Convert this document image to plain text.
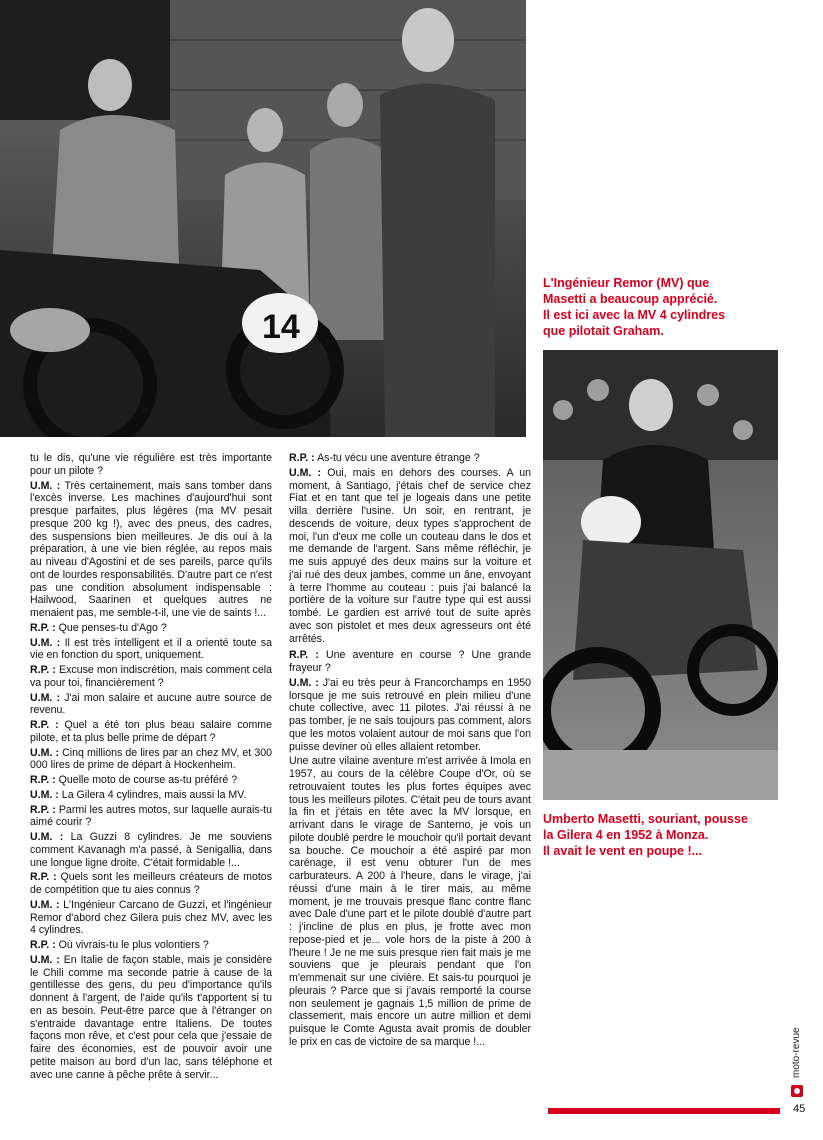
14
L'Ingénieur Remor (MV) que
Masetti a beaucoup apprécié.
Il est ici avec la MV 4 cylindres
que pilotait Graham.
Umberto Masetti, souriant, pousse
la Gilera 4 en 1952 à Monza.
Il avait le vent en poupe !...

tu le dis, qu'une vie régulière est très importante pour un pilote ?

U.M. : Très certainement, mais sans tomber dans l'excès inverse. Les machines d'aujourd'hui sont presque parfaites, plus légères (ma MV pesait presque 200 kg !), avec des pneus, des cadres, des suspensions bien meilleures. Je dis oui à la préparation, à une vie bien réglée, au repos mais au niveau d'Agostini et de ses pareils, parce qu'ils ont de lourdes responsabilités. D'autre part ce n'est pas une condition absolument indispensable : Hailwood, Saarinen et quelques autres ne menaient pas, me semble-t-il, une vie de saints !...

R.P. : Que penses-tu d'Ago ?

U.M. : Il est très intelligent et il a orienté toute sa vie en fonction du sport, uniquement.

R.P. : Excuse mon indiscrétion, mais comment cela va pour toi, financièrement ?

U.M. : J'ai mon salaire et aucune autre source de revenu.

R.P. : Quel a été ton plus beau salaire comme pilote, et ta plus belle prime de départ ?

U.M. : Cinq millions de lires par an chez MV, et 300 000 lires de prime de départ à Hockenheim.

R.P. : Quelle moto de course as-tu préféré ?

U.M. : La Gilera 4 cylindres, mais aussi la MV.

R.P. : Parmi les autres motos, sur laquelle aurais-tu aimé courir ?

U.M. : La Guzzi 8 cylindres. Je me souviens comment Kavanagh m'a passé, à Senigallia, dans une longue ligne droite. C'était formidable !...

R.P. : Quels sont les meilleurs créateurs de motos de compétition que tu aies connus ?

U.M. : L'Ingénieur Carcano de Guzzi, et l'ingénieur Remor d'abord chez Gilera puis chez MV, avec les 4 cylindres.

R.P. : Où vivrais-tu le plus volontiers ?

U.M. : En Italie de façon stable, mais je considère le Chili comme ma seconde patrie à cause de la gentillesse des gens, du peu d'importance qu'ils donnent à l'argent, de l'aide qu'ils t'apportent si tu en as besoin. Peut-être parce que à l'étranger on s'entraide davantage entre Italiens. De toutes façons mon rêve, et c'est pour cela que j'essaie de faire des économies, est de pouvoir avoir une petite maison au bord d'un lac, sans téléphone et avec une canne à pêche prête à servir...

R.P. : As-tu vécu une aventure étrange ?

U.M. : Oui, mais en dehors des courses. A un moment, à Santiago, j'étais chef de service chez Fiat et en tant que tel je logeais dans une petite villa derrière l'usine. Un soir, en rentrant, je descends de voiture, deux types s'approchent de moi, l'un d'eux me colle un couteau dans le dos et me demande de l'argent. Sans même réfléchir, je me suis appuyé des deux mains sur la voiture et j'ai rué des deux jambes, comme un âne, envoyant à terre l'homme au couteau : puis j'ai balancé la portière de la voiture sur l'autre type qui est aussi tombé. Le gardien est arrivé tout de suite après avec son pistolet et mes deux agresseurs ont été arrêtés.

R.P. : Une aventure en course ? Une grande frayeur ?

U.M. : J'ai eu très peur à Francorchamps en 1950 lorsque je me suis retrouvé en plein milieu d'une chute collective, avec 11 pilotes. J'ai réussi à ne pas tomber, je ne sais toujours pas comment, alors que les motos volaient autour de moi sans que l'on puisse deviner où elles allaient retomber.

Une autre vilaine aventure m'est arrivée à Imola en 1957, au cours de la célèbre Coupe d'Or, où se retrouvaient toutes les plus fortes équipes avec tous les meilleurs pilotes. C'était peu de tours avant la fin et j'étais en tête avec la MV lorsque, en arrivant dans le virage de Santerno, je vois un pilote doublé perdre le mouchoir qu'il portait devant sa bouche. Ce mouchoir a été aspiré par mon carénage, il est venu obturer l'un de mes carburateurs. A 200 à l'heure, dans le virage, j'ai réussi d'une main à le tirer mais, au même moment, je me trouvais presque flanc contre flanc avec Dale d'une part et le pilote doublé d'autre part : j'incline de plus en plus, je frotte avec mon repose-pied et je... vole hors de la piste à 200 à l'heure ! Je ne me suis presque rien fait mais je me souviens que je pleurais pendant que l'on m'emmenait sur une civière. Et sais-tu pourquoi je pleurais ? Parce que si j'avais remporté la course non seulement je gagnais 1,5 million de prime de classement, mais encore un autre million et demi puisque le Comte Agusta avait promis de doubler le prix en cas de victoire de sa marque !...	moto-revue
45
